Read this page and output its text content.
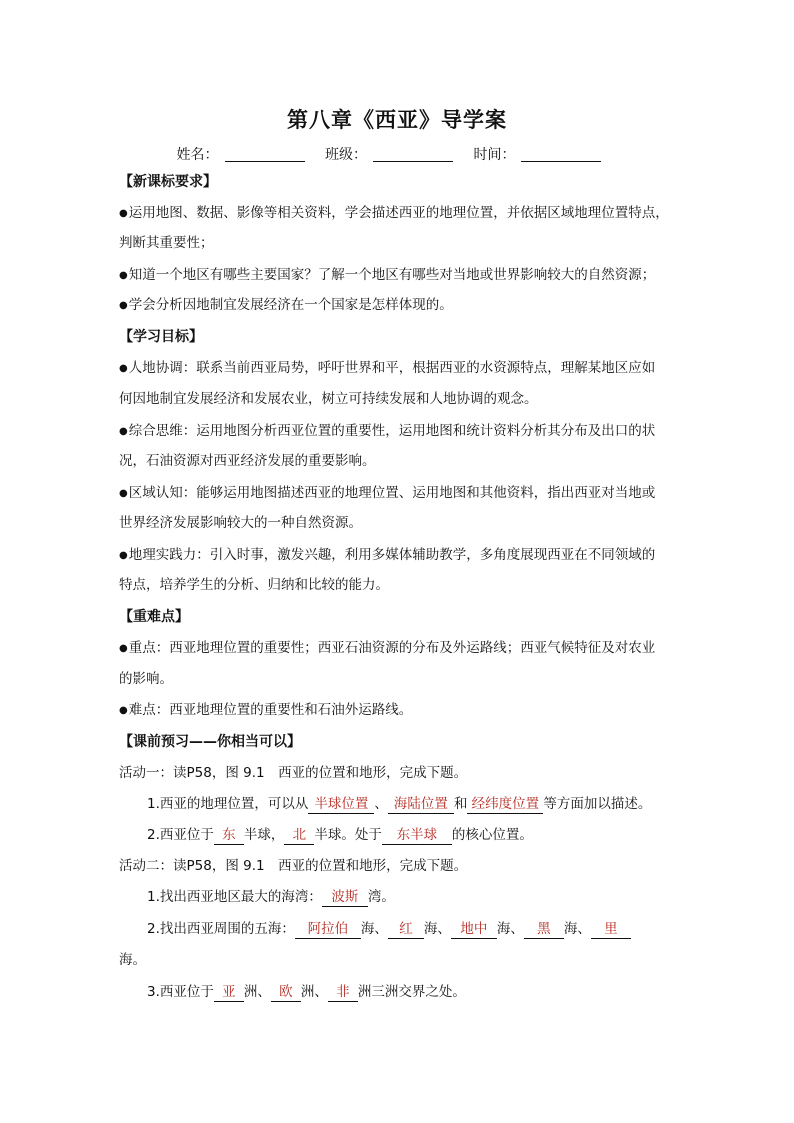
第八章《西亚》导学案
姓名：	班级：	时间：
【新课标要求】
●运用地图、数据、影像等相关资料，学会描述西亚的地理位置，并依据区域地理位置特点，
判断其重要性；
●知道一个地区有哪些主要国家？了解一个地区有哪些对当地或世界影响较大的自然资源；
●学会分析因地制宜发展经济在一个国家是怎样体现的。
【学习目标】
●人地协调：联系当前西亚局势，呼吁世界和平，根据西亚的水资源特点，理解某地区应如
何因地制宜发展经济和发展农业，树立可持续发展和人地协调的观念。
●综合思维：运用地图分析西亚位置的重要性，运用地图和统计资料分析其分布及出口的状
况，石油资源对西亚经济发展的重要影响。
●区域认知：能够运用地图描述西亚的地理位置、运用地图和其他资料，指出西亚对当地或
世界经济发展影响较大的一种自然资源。
●地理实践力：引入时事，激发兴趣，利用多媒体辅助教学，多角度展现西亚在不同领域的
特点，培养学生的分析、归纳和比较的能力。
【重难点】
●重点：西亚地理位置的重要性；西亚石油资源的分布及外运路线；西亚气候特征及对农业
的影响。
●难点：西亚地理位置的重要性和石油外运路线。
【课前预习——你相当可以】
活动一：读P58，图 9.1　西亚的位置和地形，完成下题。
1.西亚的地理位置，可以从 半球位置 、 海陆位置 和 经纬度位置 等方面加以描述。
2.西亚位于 东 半球， 北 半球。处于 东半球 的核心位置。
活动二：读P58，图 9.1　西亚的位置和地形，完成下题。
1.找出西亚地区最大的海湾： 波斯 湾。
2.找出西亚周围的五海： 阿拉伯 海、 红 海、 地中 海、 黑 海、 里
海。
3.西亚位于 亚 洲、 欧 洲、 非 洲三洲交界之处。
